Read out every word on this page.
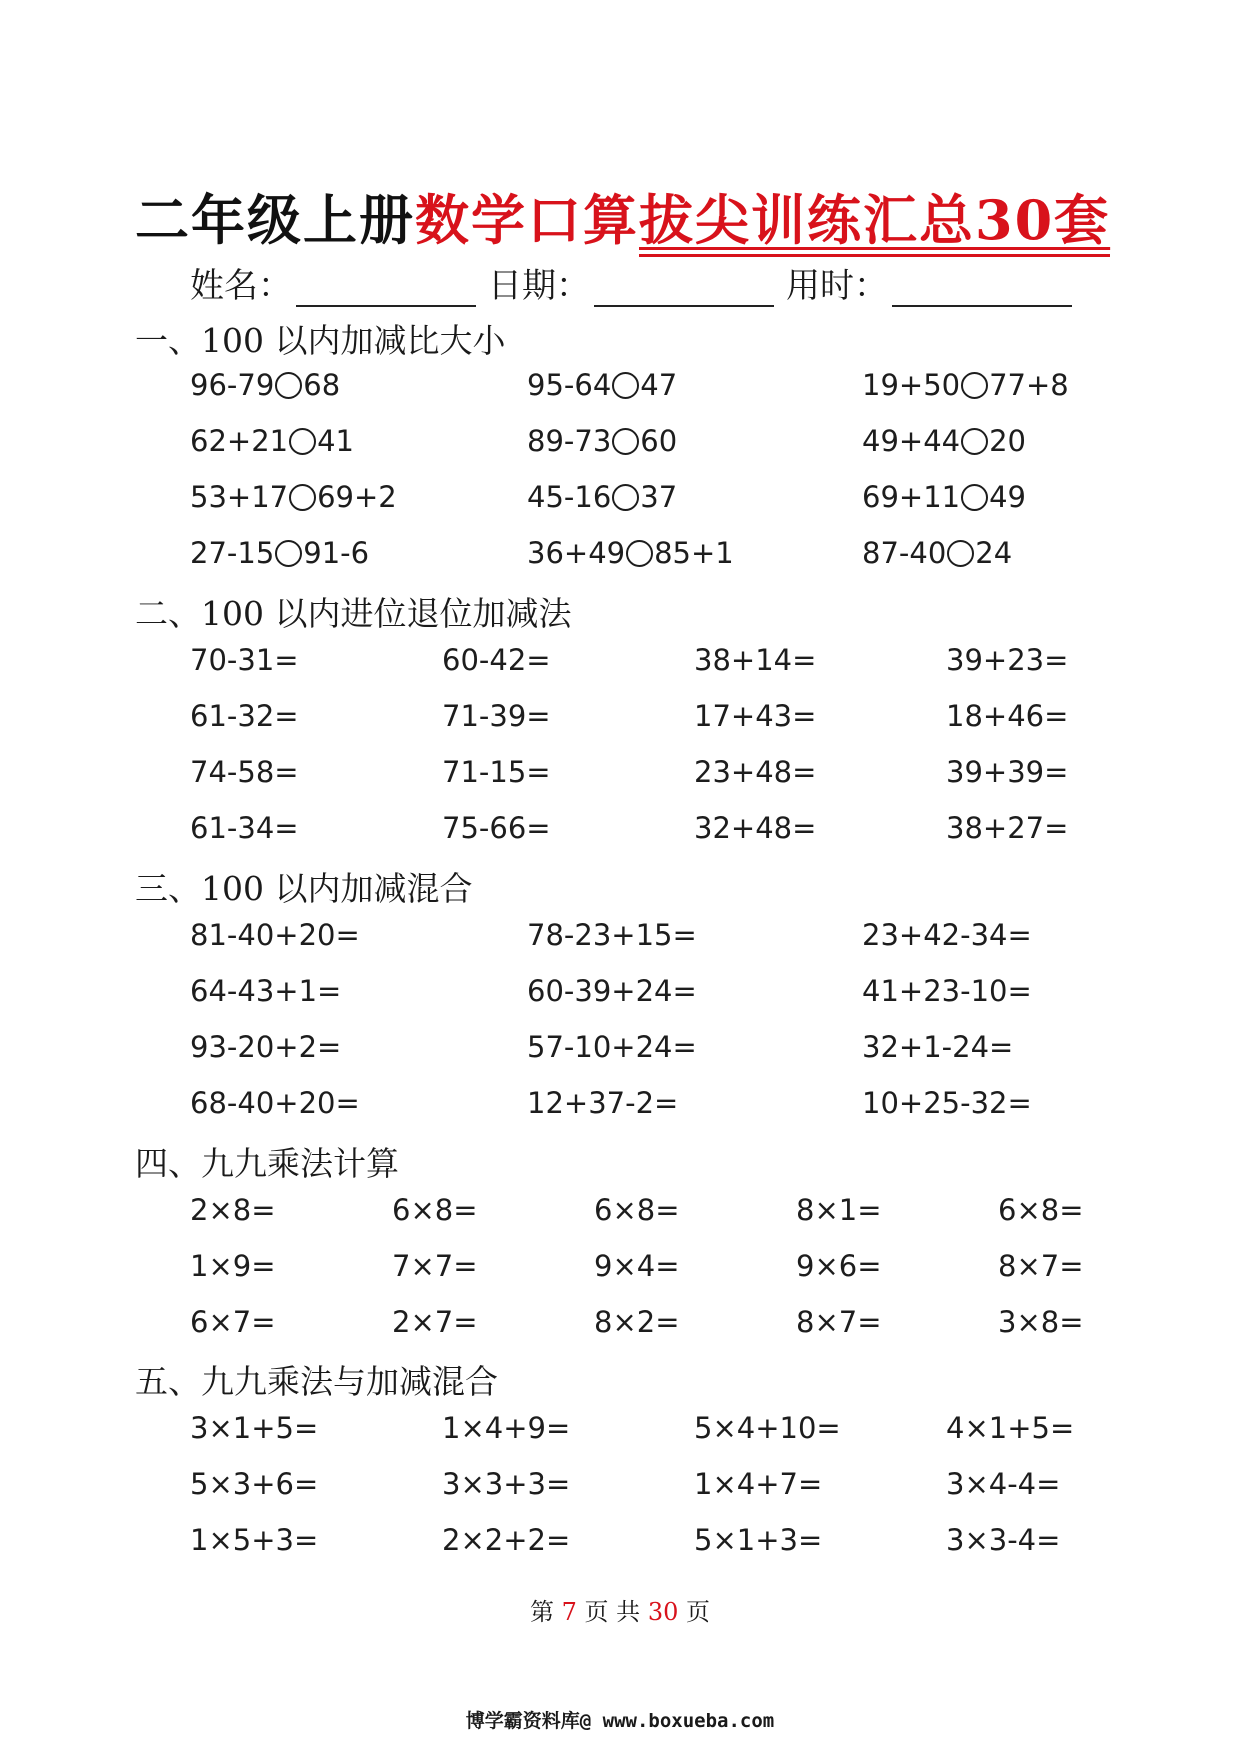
二年级上册数学口算拔尖训练汇总30套
姓名：	日期：	用时：
一、100 以内加减比大小
96-79 68	95-64 47	19+50 77+8
62+21 41	89-73 60	49+44 20
53+17 69+2	45-16 37	69+11 49
27-15 91-6	36+49 85+1	87-40 24
二、100 以内进位退位加减法
70-31=	60-42=	38+14=	39+23=
61-32=	71-39=	17+43=	18+46=
74-58=	71-15=	23+48=	39+39=
61-34=	75-66=	32+48=	38+27=
三、100 以内加减混合
81-40+20=	78-23+15=	23+42-34=
64-43+1=	60-39+24=	41+23-10=
93-20+2=	57-10+24=	32+1-24=
68-40+20=	12+37-2=	10+25-32=
四、九九乘法计算
2×8=	6×8=	6×8=	8×1=	6×8=
1×9=	7×7=	9×4=	9×6=	8×7=
6×7=	2×7=	8×2=	8×7=	3×8=
五、九九乘法与加减混合
3×1+5=	1×4+9=	5×4+10=	4×1+5=
5×3+6=	3×3+3=	1×4+7=	3×4-4=
1×5+3=	2×2+2=	5×1+3=	3×3-4=
第 7 页 共 30 页
博学霸资料库@ www.boxueba.com
